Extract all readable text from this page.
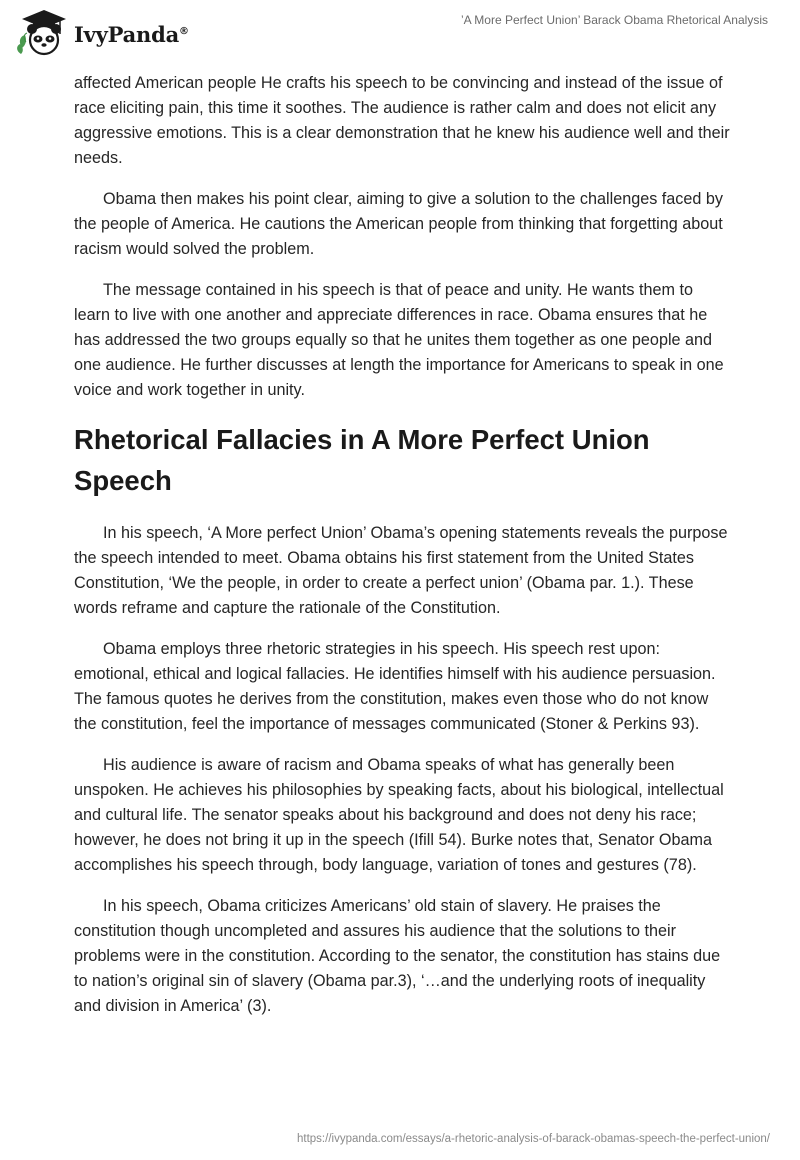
IvyPanda®
’A More Perfect Union’ Barack Obama Rhetorical Analysis

affected American people He crafts his speech to be convincing and instead of the issue of race eliciting pain, this time it soothes. The audience is rather calm and does not elicit any aggressive emotions. This is a clear demonstration that he knew his audience well and their needs.

Obama then makes his point clear, aiming to give a solution to the challenges faced by the people of America. He cautions the American people from thinking that forgetting about racism would solved the problem.

The message contained in his speech is that of peace and unity. He wants them to learn to live with one another and appreciate differences in race. Obama ensures that he has addressed the two groups equally so that he unites them together as one people and one audience. He further discusses at length the importance for Americans to speak in one voice and work together in unity.

Rhetorical Fallacies in A More Perfect Union Speech

In his speech, ‘A More perfect Union’ Obama’s opening statements reveals the purpose the speech intended to meet. Obama obtains his first statement from the United States Constitution, ‘We the people, in order to create a perfect union’ (Obama par. 1.). These words reframe and capture the rationale of the Constitution.

Obama employs three rhetoric strategies in his speech. His speech rest upon: emotional, ethical and logical fallacies. He identifies himself with his audience persuasion. The famous quotes he derives from the constitution, makes even those who do not know the constitution, feel the importance of messages communicated (Stoner & Perkins 93).

His audience is aware of racism and Obama speaks of what has generally been unspoken. He achieves his philosophies by speaking facts, about his biological, intellectual and cultural life. The senator speaks about his background and does not deny his race; however, he does not bring it up in the speech (Ifill 54). Burke notes that, Senator Obama accomplishes his speech through, body language, variation of tones and gestures (78).

In his speech, Obama criticizes Americans’ old stain of slavery. He praises the constitution though uncompleted and assures his audience that the solutions to their problems were in the constitution. According to the senator, the constitution has stains due to nation’s original sin of slavery (Obama par.3), ‘…and the underlying roots of inequality and division in America’ (3).

https://ivypanda.com/essays/a-rhetoric-analysis-of-barack-obamas-speech-the-perfect-union/
